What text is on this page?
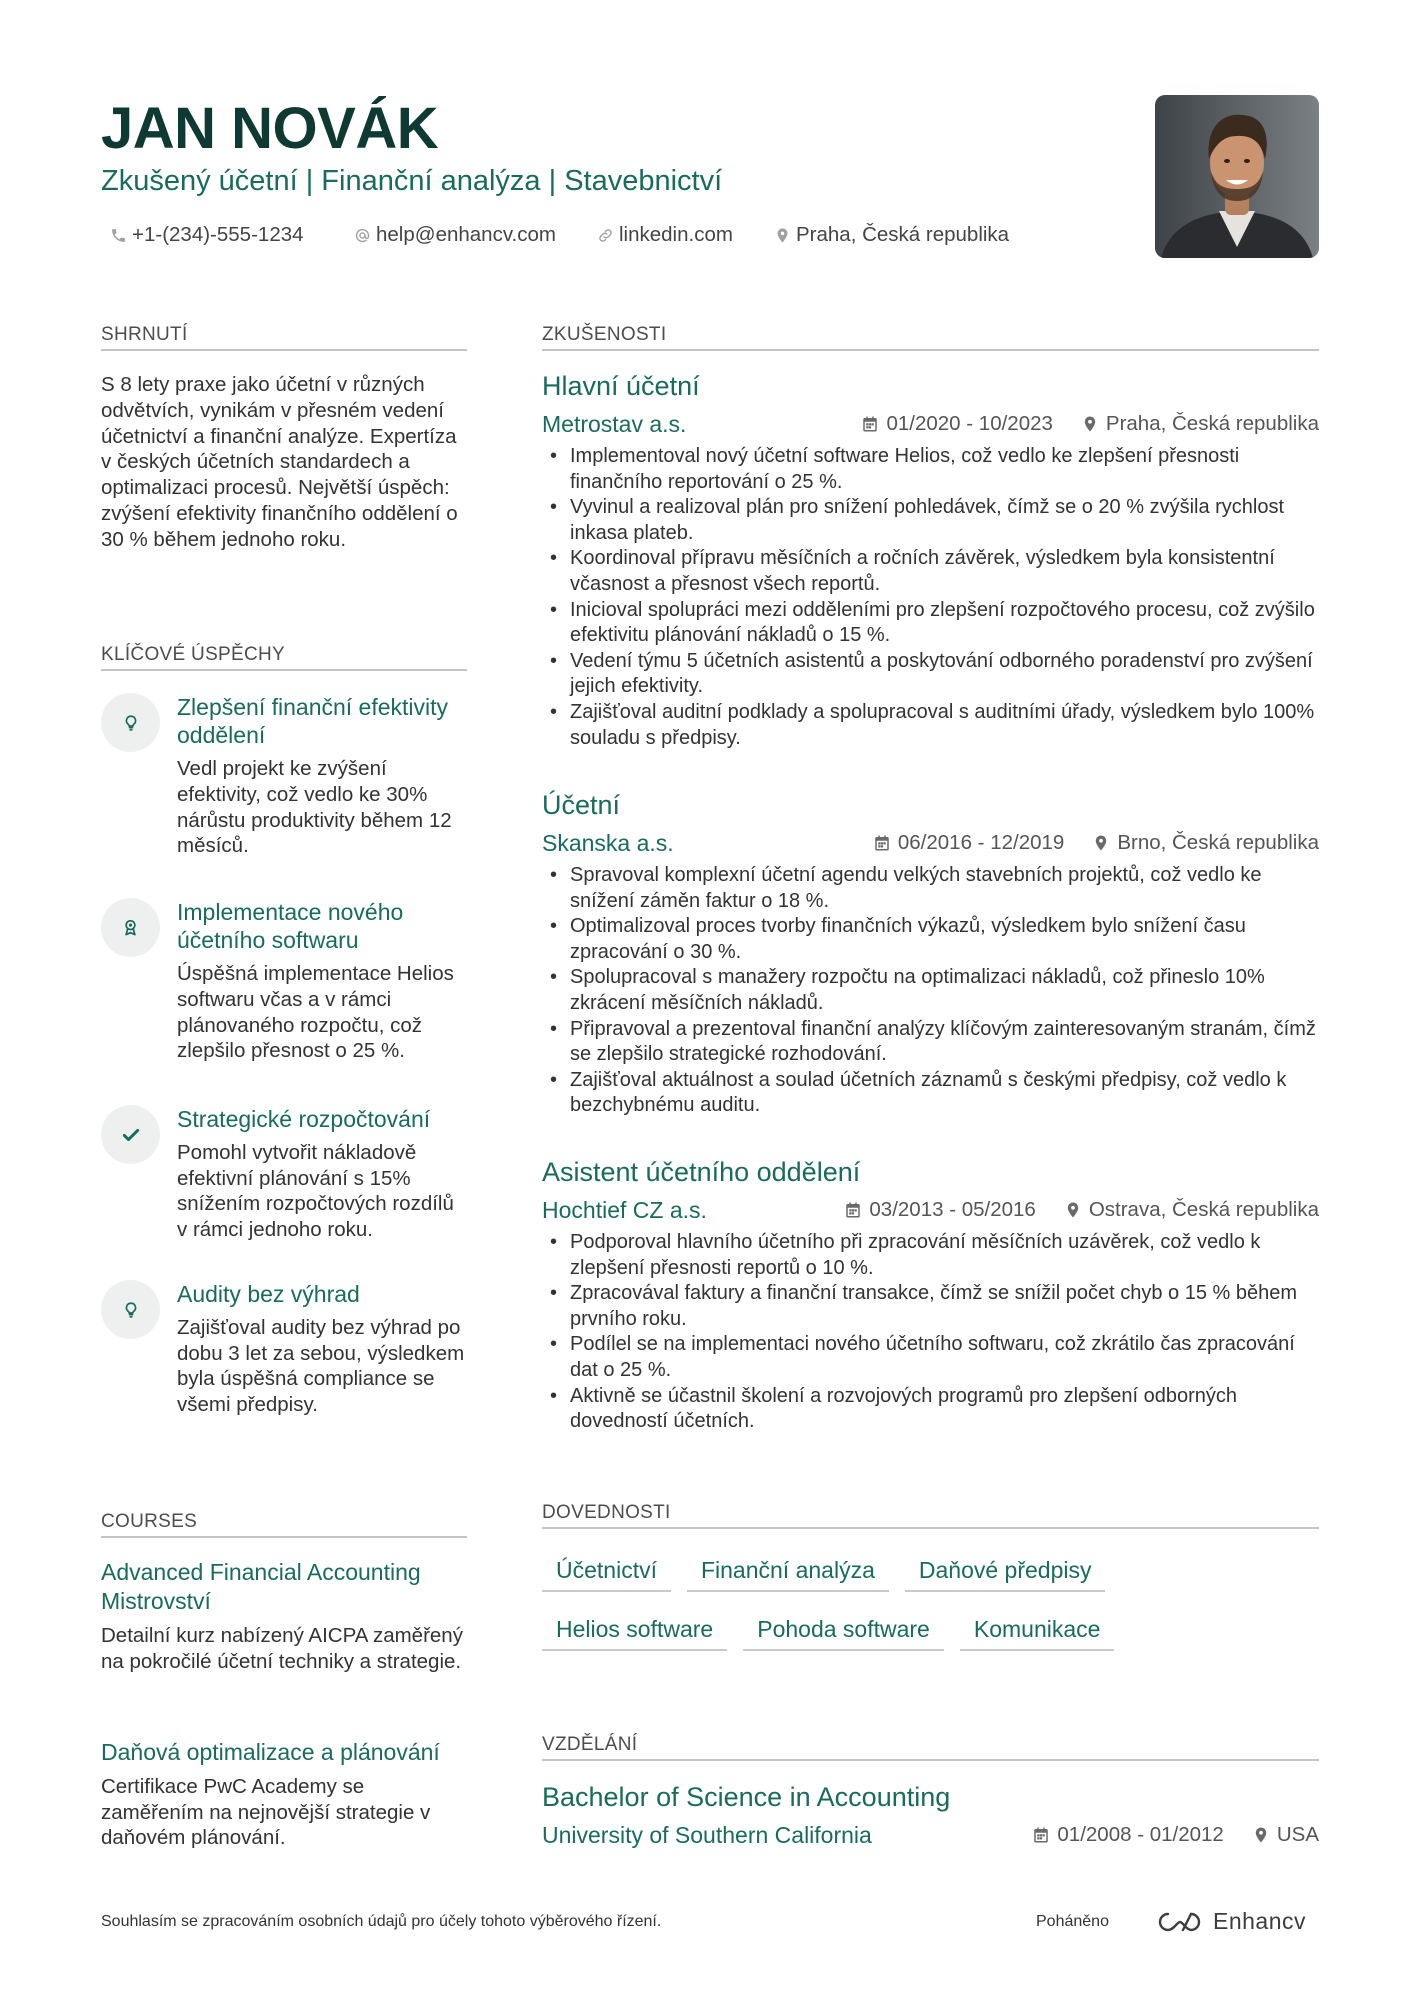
JAN NOVÁK
Zkušený účetní | Finanční analýza | Stavebnictví
+1-(234)-555-1234	help@enhancv.com	linkedin.com	Praha, Česká republika
SHRNUTÍ
S 8 lety praxe jako účetní v různých odvětvích, vynikám v přesném vedení účetnictví a finanční analýze. Expertíza v českých účetních standardech a optimalizaci procesů. Největší úspěch: zvýšení efektivity finančního oddělení o 30 % během jednoho roku.
KLÍČOVÉ ÚSPĚCHY
Zlepšení finanční efektivity oddělení
Vedl projekt ke zvýšení efektivity, což vedlo ke 30% nárůstu produktivity během 12 měsíců.
Implementace nového účetního softwaru
Úspěšná implementace Helios softwaru včas a v rámci plánovaného rozpočtu, což zlepšilo přesnost o 25 %.
Strategické rozpočtování
Pomohl vytvořit nákladově efektivní plánování s 15% snížením rozpočtových rozdílů v rámci jednoho roku.
Audity bez výhrad
Zajišťoval audity bez výhrad po dobu 3 let za sebou, výsledkem byla úspěšná compliance se všemi předpisy.
COURSES
Advanced Financial Accounting Mistrovství
Detailní kurz nabízený AICPA zaměřený na pokročilé účetní techniky a strategie.
Daňová optimalizace a plánování
Certifikace PwC Academy se zaměřením na nejnovější strategie v daňovém plánování.
ZKUŠENOSTI
Hlavní účetní
Metrostav a.s.	01/2020 - 10/2023	Praha, Česká republika
• Implementoval nový účetní software Helios, což vedlo ke zlepšení přesnosti finančního reportování o 25 %.
• Vyvinul a realizoval plán pro snížení pohledávek, čímž se o 20 % zvýšila rychlost inkasa plateb.
• Koordinoval přípravu měsíčních a ročních závěrek, výsledkem byla konsistentní včasnost a přesnost všech reportů.
• Inicioval spolupráci mezi odděleními pro zlepšení rozpočtového procesu, což zvýšilo efektivitu plánování nákladů o 15 %.
• Vedení týmu 5 účetních asistentů a poskytování odborného poradenství pro zvýšení jejich efektivity.
• Zajišťoval auditní podklady a spolupracoval s auditními úřady, výsledkem bylo 100% souladu s předpisy.
Účetní
Skanska a.s.	06/2016 - 12/2019	Brno, Česká republika
• Spravoval komplexní účetní agendu velkých stavebních projektů, což vedlo ke snížení záměn faktur o 18 %.
• Optimalizoval proces tvorby finančních výkazů, výsledkem bylo snížení času zpracování o 30 %.
• Spolupracoval s manažery rozpočtu na optimalizaci nákladů, což přineslo 10% zkrácení měsíčních nákladů.
• Připravoval a prezentoval finanční analýzy klíčovým zainteresovaným stranám, čímž se zlepšilo strategické rozhodování.
• Zajišťoval aktuálnost a soulad účetních záznamů s českými předpisy, což vedlo k bezchybnému auditu.
Asistent účetního oddělení
Hochtief CZ a.s.	03/2013 - 05/2016	Ostrava, Česká republika
• Podporoval hlavního účetního při zpracování měsíčních uzávěrek, což vedlo k zlepšení přesnosti reportů o 10 %.
• Zpracovával faktury a finanční transakce, čímž se snížil počet chyb o 15 % během prvního roku.
• Podílel se na implementaci nového účetního softwaru, což zkrátilo čas zpracování dat o 25 %.
• Aktivně se účastnil školení a rozvojových programů pro zlepšení odborných dovedností účetních.
DOVEDNOSTI
Účetnictví	Finanční analýza	Daňové předpisy
Helios software	Pohoda software	Komunikace
VZDĚLÁNÍ
Bachelor of Science in Accounting
University of Southern California	01/2008 - 01/2012	USA
Souhlasím se zpracováním osobních údajů pro účely tohoto výběrového řízení.	Poháněno	Enhancv
